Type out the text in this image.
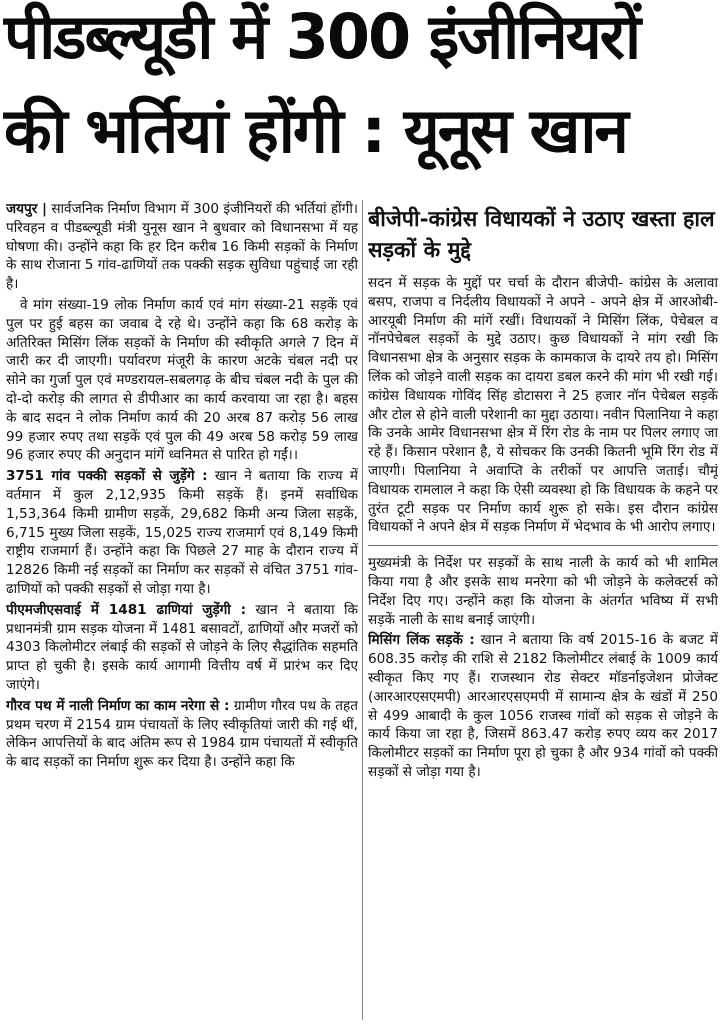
पीडब्ल्यूडी में 300 इंजीनियरों
की भर्तियां होंगी : यूनूस खान

जयपुर | सार्वजनिक निर्माण विभाग में 300 इंजीनियरों की भर्तियां होंगी। परिवहन व पीडब्ल्यूडी मंत्री युनूस खान ने बुधवार को विधानसभा में यह घोषणा की। उन्होंने कहा कि हर दिन करीब 16 किमी सड़कों के निर्माण के साथ रोजाना 5 गांव-ढाणियों तक पक्की सड़क सुविधा पहुंचाई जा रही है।

वे मांग संख्या-19 लोक निर्माण कार्य एवं मांग संख्या-21 सड़कें एवं पुल पर हुई बहस का जवाब दे रहे थे। उन्होंने कहा कि 68 करोड़ के अतिरिक्त मिसिंग लिंक सड़कों के निर्माण की स्वीकृति अगले 7 दिन में जारी कर दी जाएगी। पर्यावरण मंजूरी के कारण अटके चंबल नदी पर सोने का गुर्जा पुल एवं मण्डरायल-सबलगढ़ के बीच चंबल नदी के पुल की दो-दो करोड़ की लागत से डीपीआर का कार्य करवाया जा रहा है। बहस के बाद सदन ने लोक निर्माण कार्य की 20 अरब 87 करोड़ 56 लाख 99 हजार रुपए तथा सड़कें एवं पुल की 49 अरब 58 करोड़ 59 लाख 96 हजार रुपए की अनुदान मांगें ध्वनिमत से पारित हो गईं।।

3751 गांव पक्की सड़कों से जुड़ेंगे : खान ने बताया कि राज्य में वर्तमान में कुल 2,12,935 किमी सड़कें हैं। इनमें सर्वाधिक 1,53,364 किमी ग्रामीण सड़कें, 29,682 किमी अन्य जिला सड़कें, 6,715 मुख्य जिला सड़कें, 15,025 राज्य राजमार्ग एवं 8,149 किमी राष्ट्रीय राजमार्ग हैं। उन्होंने कहा कि पिछले 27 माह के दौरान राज्य में 12826 किमी नई सड़कों का निर्माण कर सड़कों से वंचित 3751 गांव-ढाणियों को पक्की सड़कों से जोड़ा गया है।

पीएमजीएसवाई में 1481 ढाणियां जुड़ेंगी : खान ने बताया कि प्रधानमंत्री ग्राम सड़क योजना में 1481 बसावटों, ढाणियों और मजरों को 4303 किलोमीटर लंबाई की सड़कों से जोड़ने के लिए सैद्धांतिक सहमति प्राप्त हो चुकी है। इसके कार्य आगामी वित्तीय वर्ष में प्रारंभ कर दिए जाएंगे।

गौरव पथ में नाली निर्माण का काम नरेगा से : ग्रामीण गौरव पथ के तहत प्रथम चरण में 2154 ग्राम पंचायतों के लिए स्वीकृतियां जारी की गई थीं, लेकिन आपत्तियों के बाद अंतिम रूप से 1984 ग्राम पंचायतों में स्वीकृति के बाद सड़कों का निर्माण शुरू कर दिया है। उन्होंने कहा कि

बीजेपी-कांग्रेस विधायकों ने उठाए खस्ता हाल सड़कों के मुद्दे

सदन में सड़क के मुद्दों पर चर्चा के दौरान बीजेपी- कांग्रेस के अलावा बसप, राजपा व निर्दलीय विधायकों ने अपने - अपने क्षेत्र में आरओबी-आरयूबी निर्माण की मांगें रखीं। विधायकों ने मिसिंग लिंक, पेचेबल व नॉनपेचेबल सड़कों के मुद्दे उठाए। कुछ विधायकों ने मांग रखी कि विधानसभा क्षेत्र के अनुसार सड़क के कामकाज के दायरे तय हो। मिसिंग लिंक को जोड़ने वाली सड़क का दायरा डबल करने की मांग भी रखी गई। कांग्रेस विधायक गोविंद सिंह डोटासरा ने 25 हजार नॉन पेचेबल सड़कें और टोल से होने वाली परेशानी का मुद्दा उठाया। नवीन पिलानिया ने कहा कि उनके आमेर विधानसभा क्षेत्र में रिंग रोड के नाम पर पिलर लगाए जा रहे हैं। किसान परेशान है, ये सोचकर कि उनकी कितनी भूमि रिंग रोड में जाएगी। पिलानिया ने अवाप्ति के तरीकों पर आपत्ति जताई। चौमूं विधायक रामलाल ने कहा कि ऐसी व्यवस्था हो कि विधायक के कहने पर तुरंत टूटी सड़क पर निर्माण कार्य शुरू हो सके। इस दौरान कांग्रेस विधायकों ने अपने क्षेत्र में सड़क निर्माण में भेदभाव के भी आरोप लगाए।

मुख्यमंत्री के निर्देश पर सड़कों के साथ नाली के कार्य को भी शामिल किया गया है और इसके साथ मनरेगा को भी जोड़ने के कलेक्टर्स को निर्देश दिए गए। उन्होंने कहा कि योजना के अंतर्गत भविष्य में सभी सड़कें नाली के साथ बनाई जाएंगी।

मिसिंग लिंक सड़कें : खान ने बताया कि वर्ष 2015-16 के बजट में 608.35 करोड़ की राशि से 2182 किलोमीटर लंबाई के 1009 कार्य स्वीकृत किए गए हैं। राजस्थान रोड सेक्टर मॉडर्नाइजेशन प्रोजेक्ट (आरआरएसएमपी) आरआरएसएमपी में सामान्य क्षेत्र के खंडों में 250 से 499 आबादी के कुल 1056 राजस्व गांवों को सड़क से जोड़ने के कार्य किया जा रहा है, जिसमें 863.47 करोड़ रुपए व्यय कर 2017 किलोमीटर सड़कों का निर्माण पूरा हो चुका है और 934 गांवों को पक्की सड़कों से जोड़ा गया है।
